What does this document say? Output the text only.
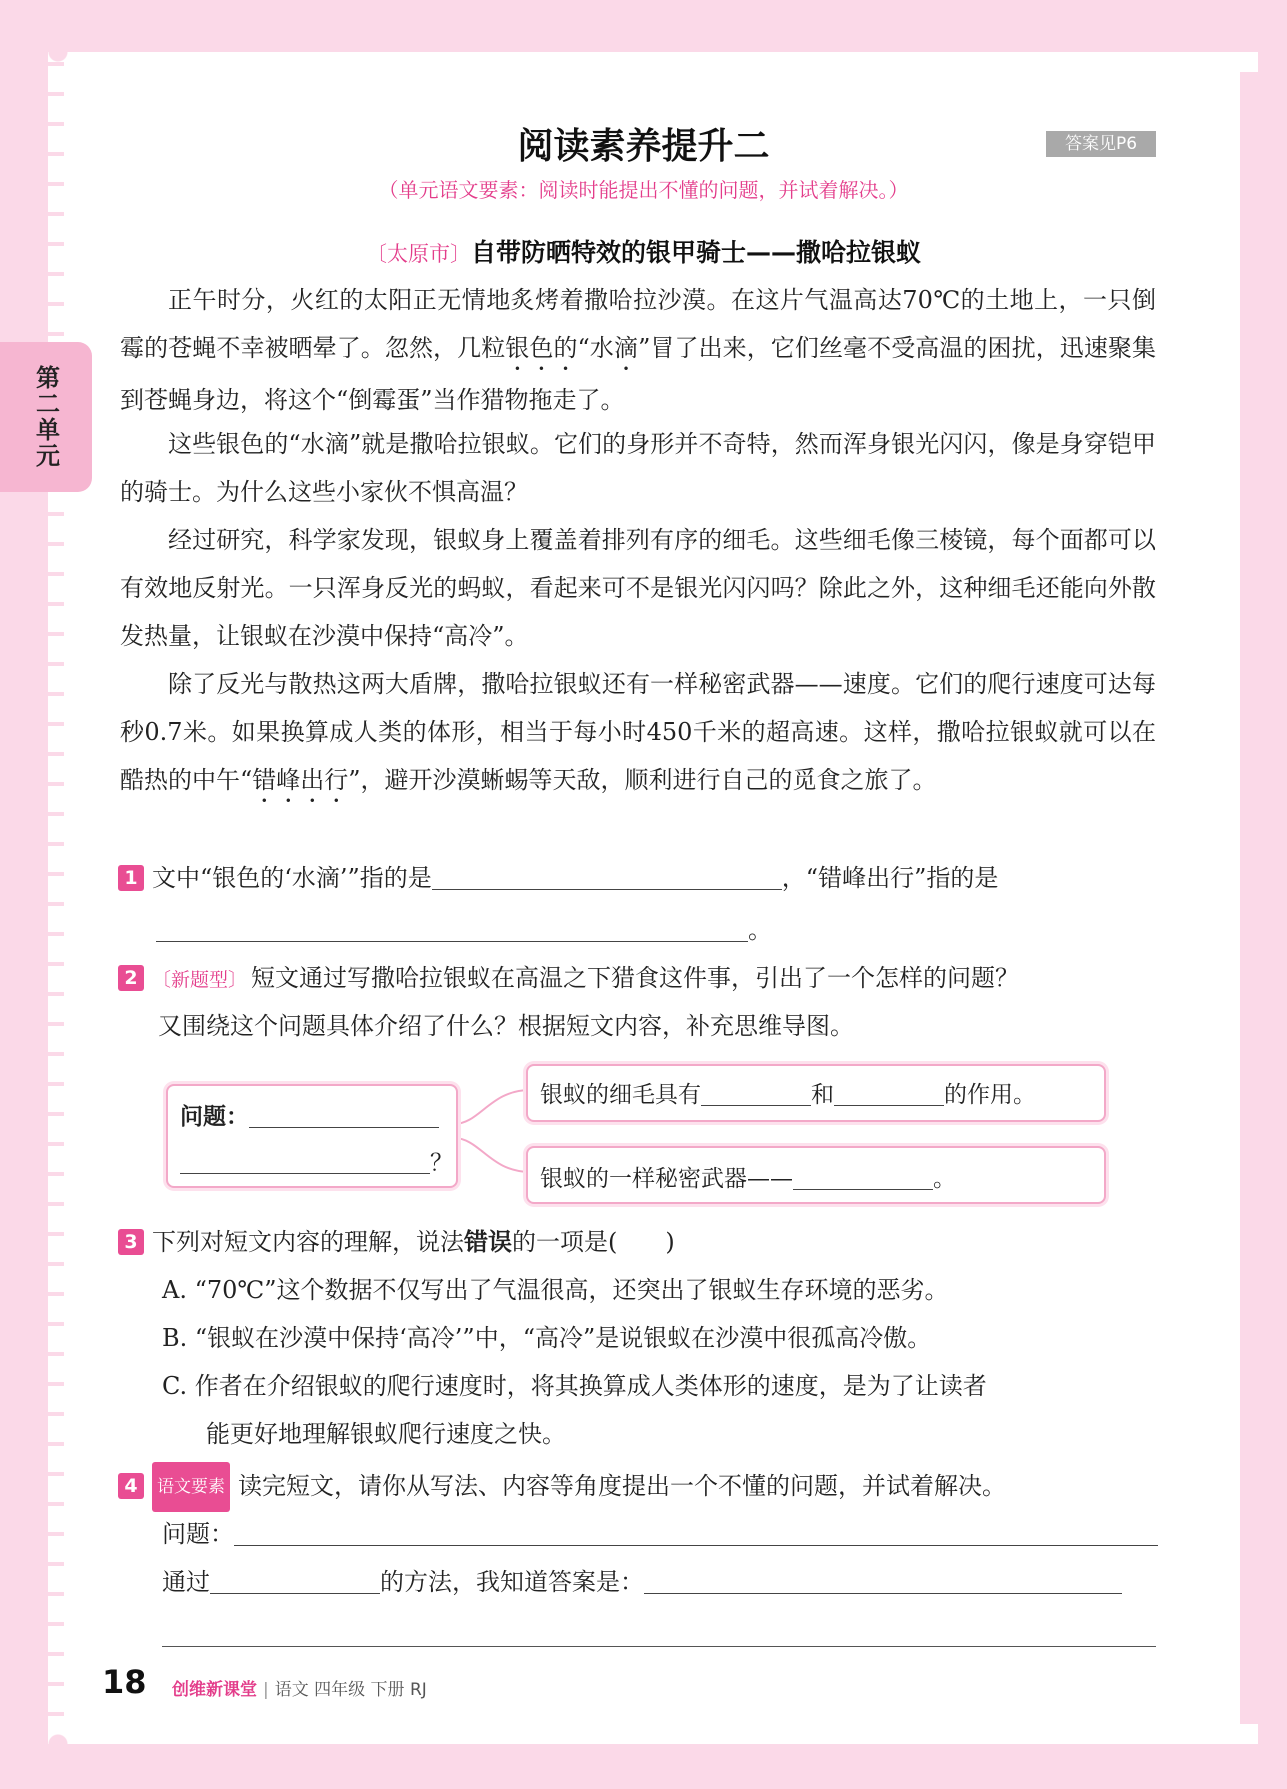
第二单元
阅读素养提升二	答案见P6
（单元语文要素：阅读时能提出不懂的问题，并试着解决。）
〔太原市〕自带防晒特效的银甲骑士——撒哈拉银蚁
正午时分，火红的太阳正无情地炙烤着撒哈拉沙漠。在这片气温高达70℃的土地上，一只倒霉的苍蝇不幸被晒晕了。忽然，几粒银色的“水滴”冒了出来，它们丝毫不受高温的困扰，迅速聚集到苍蝇身边，将这个“倒霉蛋”当作猎物拖走了。
这些银色的“水滴”就是撒哈拉银蚁。它们的身形并不奇特，然而浑身银光闪闪，像是身穿铠甲的骑士。为什么这些小家伙不惧高温？
经过研究，科学家发现，银蚁身上覆盖着排列有序的细毛。这些细毛像三棱镜，每个面都可以有效地反射光。一只浑身反光的蚂蚁，看起来可不是银光闪闪吗？除此之外，这种细毛还能向外散发热量，让银蚁在沙漠中保持“高冷”。
除了反光与散热这两大盾牌，撒哈拉银蚁还有一样秘密武器——速度。它们的爬行速度可达每秒0.7米。如果换算成人类的体形，相当于每小时450千米的超高速。这样，撒哈拉银蚁就可以在酷热的中午“错峰出行”，避开沙漠蜥蜴等天敌，顺利进行自己的觅食之旅了。
1 文中“银色的‘水滴’”指的是	，“错峰出行”指的是
。
2 〔新题型〕 短文通过写撒哈拉银蚁在高温之下猎食这件事，引出了一个怎样的问题？
又围绕这个问题具体介绍了什么？根据短文内容，补充思维导图。
问题：
？
银蚁的细毛具有	和	的作用。
银蚁的一样秘密武器——	。
3 下列对短文内容的理解，说法错误的一项是(　　)
A. “70℃”这个数据不仅写出了气温很高，还突出了银蚁生存环境的恶劣。
B. “银蚁在沙漠中保持‘高冷’”中，“高冷”是说银蚁在沙漠中很孤高冷傲。
C. 作者在介绍银蚁的爬行速度时，将其换算成人类体形的速度，是为了让读者
能更好地理解银蚁爬行速度之快。
4 语文要素 读完短文，请你从写法、内容等角度提出一个不懂的问题，并试着解决。
问题：
通过	的方法，我知道答案是：
18 创维新课堂 | 语文 四年级 下册 RJ
